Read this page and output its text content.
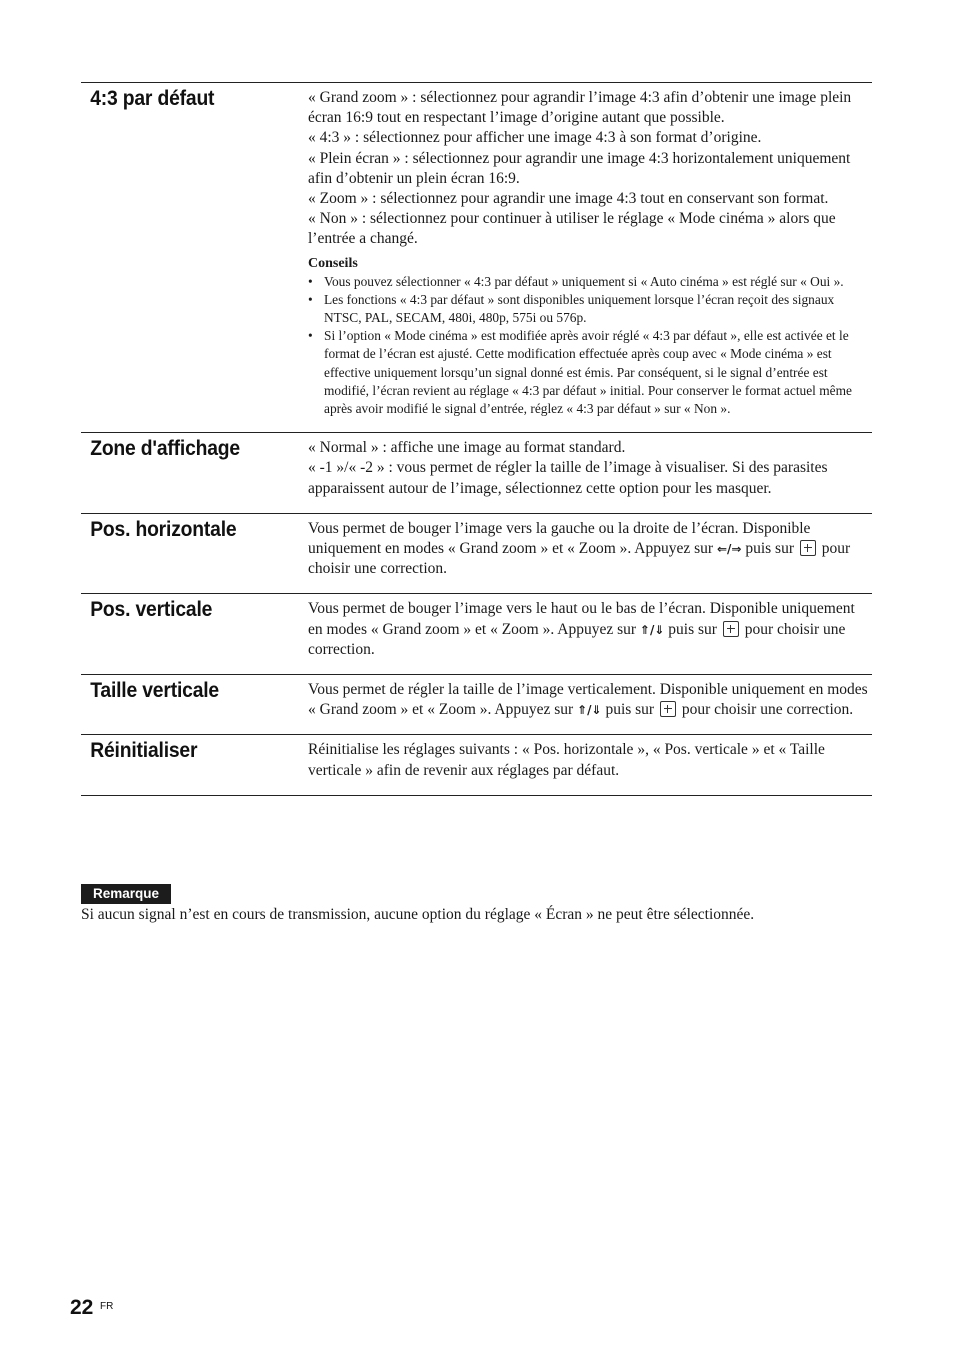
4:3 par défaut	« Grand zoom » : sélectionnez pour agrandir l’image 4:3 afin d’obtenir une image plein écran 16:9 tout en respectant l’image d’origine autant que possible.

« 4:3 » : sélectionnez pour afficher une image 4:3 à son format d’origine.

« Plein écran » : sélectionnez pour agrandir une image 4:3 horizontalement uniquement afin d’obtenir un plein écran 16:9.

« Zoom » : sélectionnez pour agrandir une image 4:3 tout en conservant son format.

« Non » : sélectionnez pour continuer à utiliser le réglage « Mode cinéma » alors que l’entrée a changé.

Conseils
• Vous pouvez sélectionner « 4:3 par défaut » uniquement si « Auto cinéma » est réglé sur « Oui ».
• Les fonctions « 4:3 par défaut » sont disponibles uniquement lorsque l’écran reçoit des signaux NTSC, PAL, SECAM, 480i, 480p, 575i ou 576p.
• Si l’option « Mode cinéma » est modifiée après avoir réglé « 4:3 par défaut », elle est activée et le format de l’écran est ajusté. Cette modification effectuée après coup avec « Mode cinéma » est effective uniquement lorsqu’un signal donné est émis. Par conséquent, si le signal d’entrée est modifié, l’écran revient au réglage « 4:3 par défaut » initial. Pour conserver le format actuel même après avoir modifié le signal d’entrée, réglez « 4:3 par défaut » sur « Non ».
Zone d'affichage	« Normal » : affiche une image au format standard.

« -1 »/« -2 » : vous permet de régler la taille de l’image à visualiser. Si des parasites apparaissent autour de l’image, sélectionnez cette option pour les masquer.

Pos. horizontale	Vous permet de bouger l’image vers la gauche ou la droite de l’écran. Disponible uniquement en modes « Grand zoom » et « Zoom ». Appuyez sur ⇐/⇒ puis sur  pour choisir une correction.

Pos. verticale	Vous permet de bouger l’image vers le haut ou le bas de l’écran. Disponible uniquement en modes « Grand zoom » et « Zoom ». Appuyez sur ⇑/⇓ puis sur  pour choisir une correction.

Taille verticale	Vous permet de régler la taille de l’image verticalement. Disponible uniquement en modes « Grand zoom » et « Zoom ». Appuyez sur ⇑/⇓ puis sur  pour choisir une correction.

Réinitialiser	Réinitialise les réglages suivants : « Pos. horizontale », « Pos. verticale » et « Taille verticale » afin de revenir aux réglages par défaut.

Remarque
Si aucun signal n’est en cours de transmission, aucune option du réglage « Écran » ne peut être sélectionnée.
22 FR
